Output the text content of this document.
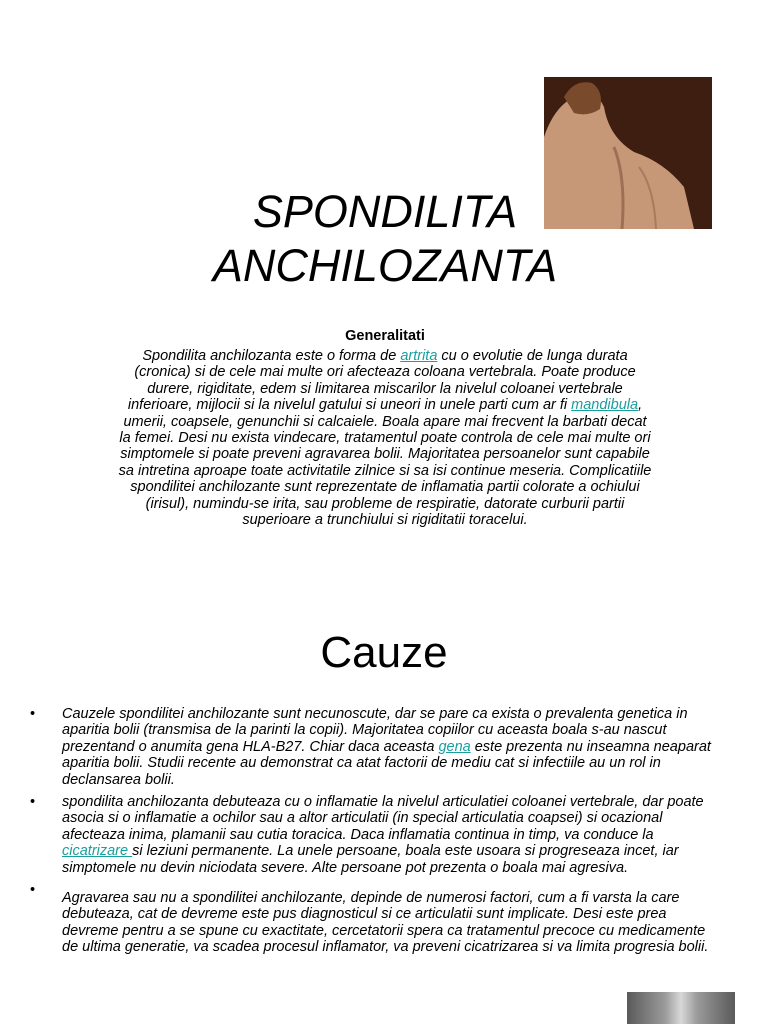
SPONDILITA
ANCHILOZANTA
Generalitati
Spondilita anchilozanta este o forma de artrita cu o evolutie de lunga durata (cronica) si de cele mai multe ori afecteaza coloana vertebrala. Poate produce durere, rigiditate, edem si limitarea miscarilor la nivelul coloanei vertebrale inferioare, mijlocii si la nivelul gatului si uneori in unele parti cum ar fi mandibula, umerii, coapsele, genunchii si calcaiele. Boala apare mai frecvent la barbati decat la femei. Desi nu exista vindecare, tratamentul poate controla de cele mai multe ori simptomele si poate preveni agravarea bolii. Majoritatea persoanelor sunt capabile sa intretina aproape toate activitatile zilnice si sa isi continue meseria. Complicatiile spondilitei anchilozante sunt reprezentate de inflamatia partii colorate a ochiului (irisul), numindu-se irita, sau probleme de respiratie, datorate curburii partii superioare a trunchiului si rigiditatii toracelui.
Cauze
• Cauzele spondilitei anchilozante sunt necunoscute, dar se pare ca exista o prevalenta genetica in aparitia bolii (transmisa de la parinti la copii). Majoritatea copiilor cu aceasta boala s-au nascut prezentand o anumita gena HLA-B27. Chiar daca aceasta gena este prezenta nu inseamna neaparat aparitia bolii. Studii recente au demonstrat ca atat factorii de mediu cat si infectiile au un rol in declansarea bolii.
• spondilita anchilozanta debuteaza cu o inflamatie la nivelul articulatiei coloanei vertebrale, dar poate asocia si o inflamatie a ochilor sau a altor articulatii (in special articulatia coapsei) si ocazional afecteaza inima, plamanii sau cutia toracica. Daca inflamatia continua in timp, va conduce la cicatrizare si leziuni permanente. La unele persoane, boala este usoara si progreseaza incet, iar simptomele nu devin niciodata severe. Alte persoane pot prezenta o boala mai agresiva.
• Agravarea sau nu a spondilitei anchilozante, depinde de numerosi factori, cum a fi varsta la care debuteaza, cat de devreme este pus diagnosticul si ce articulatii sunt implicate. Desi este prea devreme pentru a se spune cu exactitate, cercetatorii spera ca tratamentul precoce cu medicamente de ultima generatie, va scadea procesul inflamator, va preveni cicatrizarea si va limita progresia bolii.
